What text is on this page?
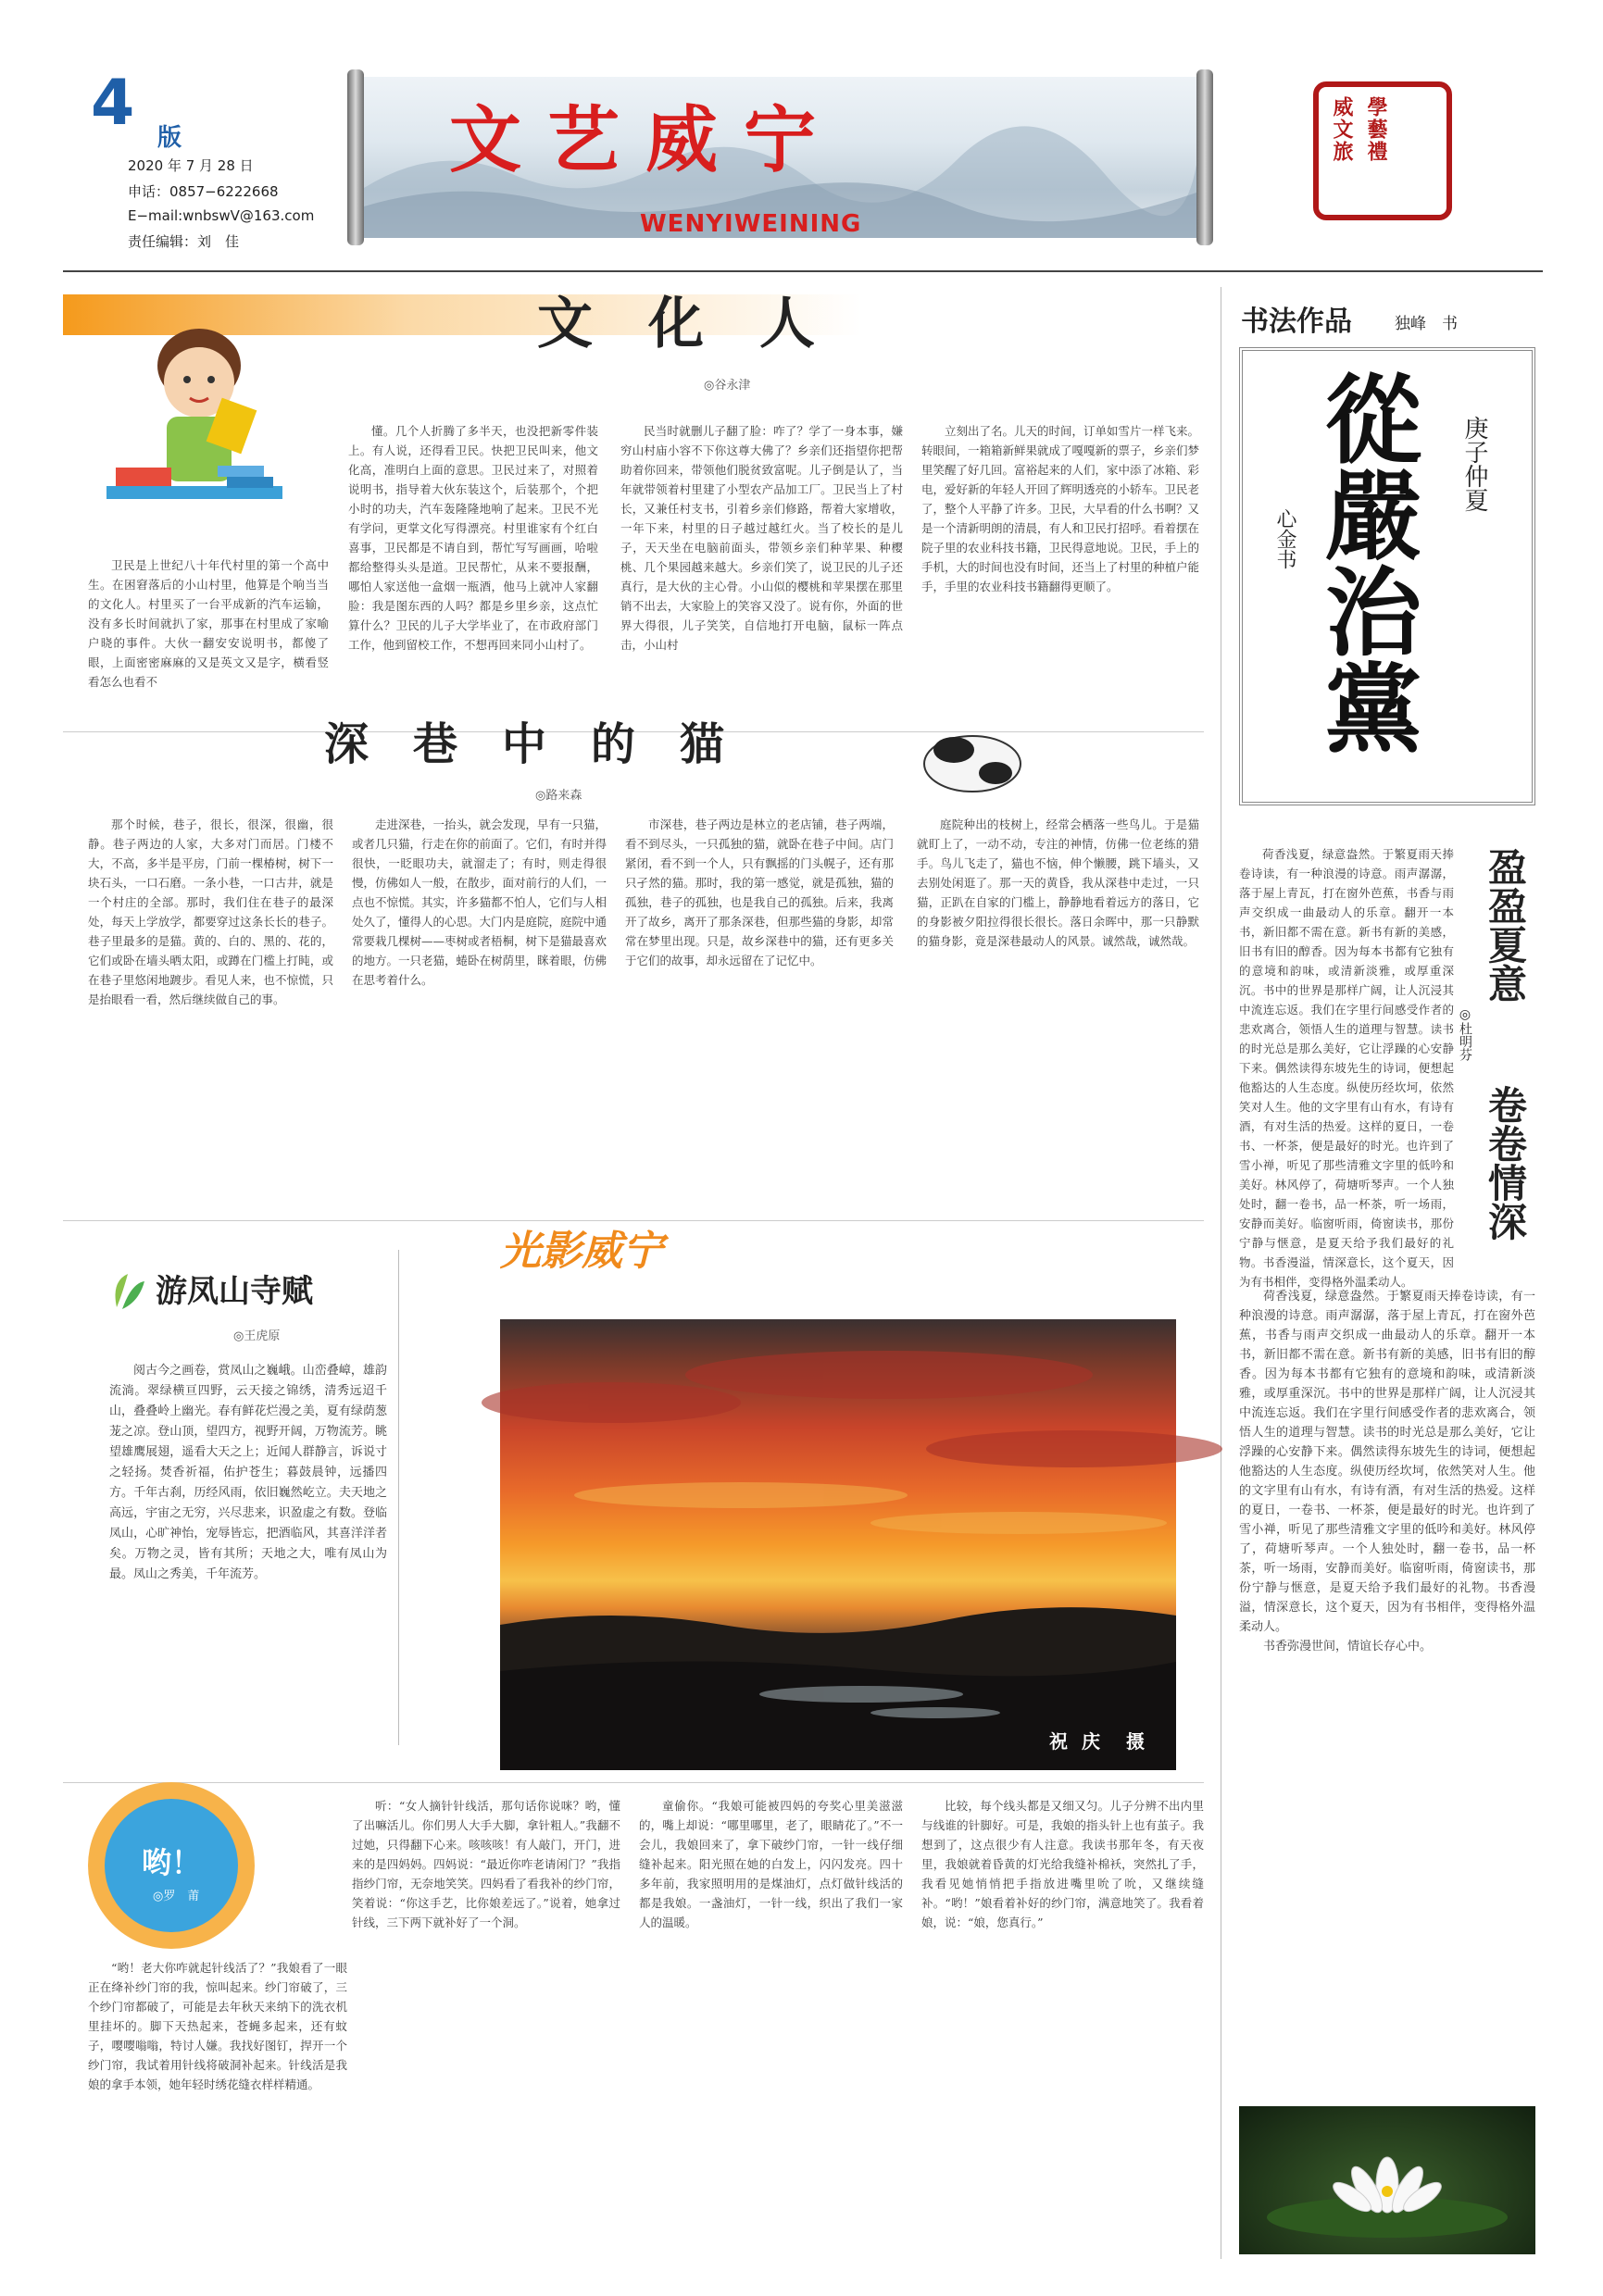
4 版
2020 年 7 月 28 日
申话：0857−6222668
E−mail:wnbswV@163.com
责任编辑：刘　佳
文艺威宁
WENYIWEINING
學藝禮
威文旅
文　化　人
◎谷永津

卫民是上世纪八十年代村里的第一个高中生。在困窘落后的小山村里，他算是个响当当的文化人。村里买了一台平成新的汽车运输，没有多长时间就扒了家，那事在村里成了家喻户晓的事件。大伙一翻安安说明书，都傻了眼，上面密密麻麻的又是英文又是字，横看竖看怎么也看不

懂。几个人折腾了多半天，也没把新零件装上。有人说，还得看卫民。快把卫民叫来，他文化高，准明白上面的意思。卫民过来了，对照着说明书，指导着大伙东装这个，后装那个，个把小时的功夫，汽车轰隆隆地响了起来。卫民不光有学问，更掌文化写得漂亮。村里谁家有个红白喜事，卫民都是不请自到，帮忙写写画画，哈啦都给整得头头是道。卫民帮忙，从来不要报酬，哪怕人家送他一盒烟一瓶酒，他马上就冲人家翻脸：我是图东西的人吗？都是乡里乡亲，这点忙算什么？卫民的儿子大学毕业了，在市政府部门工作，他到留校工作，不想再回来同小山村了。

民当时就删儿子翻了脸：咋了？学了一身本事，嫌穷山村庙小容不下你这尊大佛了？乡亲们还指望你把帮助着你回来，带领他们脱贫致富呢。儿子倒是认了，当年就带领着村里建了小型农产品加工厂。卫民当上了村长，又兼任村支书，引着乡亲们修路，帮着大家增收，一年下来，村里的日子越过越红火。当了校长的是儿子，天天坐在电脑前面头，带领乡亲们种苹果、种樱桃、几个果园越来越大。乡亲们笑了，说卫民的儿子还真行，是大伙的主心骨。小山似的樱桃和苹果摆在那里销不出去，大家脸上的笑容又没了。说有你，外面的世界大得很，儿子笑笑，自信地打开电脑，鼠标一阵点击，小山村

立刻出了名。儿天的时间，订单如雪片一样飞来。转眼间，一箱箱新鲜果就成了嘎嘎新的票子，乡亲们梦里笑醒了好几回。富裕起来的人们，家中添了冰箱、彩电，爱好新的年轻人开回了辉明透亮的小轿车。卫民老了，整个人平静了许多。卫民，大早看的什么书啊？又是一个清新明朗的清晨，有人和卫民打招呼。看着摆在院子里的农业科技书籍，卫民得意地说。卫民，手上的手机，大的时间也没有时间，还当上了村里的种植户能手，手里的农业科技书籍翻得更顺了。

深　巷　中　的　猫
◎路来森

那个时候，巷子，很长，很深，很幽，很静。巷子两边的人家，大多对门而居。门楼不大，不高，多半是平房，门前一棵椿树，树下一块石头，一口石磨。一条小巷，一口古井，就是一个村庄的全部。那时，我们住在巷子的最深处，每天上学放学，都要穿过这条长长的巷子。巷子里最多的是猫。黄的、白的、黑的、花的，它们或卧在墙头晒太阳，或蹲在门槛上打盹，或在巷子里悠闲地踱步。看见人来，也不惊慌，只是抬眼看一看，然后继续做自己的事。

走进深巷，一抬头，就会发现，早有一只猫，或者几只猫，行走在你的前面了。它们，有时并得很快，一眨眼功夫，就溜走了；有时，则走得很慢，仿佛如人一般，在散步，面对前行的人们，一点也不惊慌。其实，许多猫都不怕人，它们与人相处久了，懂得人的心思。大门内是庭院，庭院中通常要栽几棵树——枣树或者梧桐，树下是猫最喜欢的地方。一只老猫，蜷卧在树荫里，眯着眼，仿佛在思考着什么。

市深巷，巷子两边是林立的老店铺，巷子两端，看不到尽头，一只孤独的猫，就卧在巷子中间。店门紧闭，看不到一个人，只有飘摇的门头幌子，还有那只孑然的猫。那时，我的第一感觉，就是孤独，猫的孤独，巷子的孤独，也是我自己的孤独。后来，我离开了故乡，离开了那条深巷，但那些猫的身影，却常常在梦里出现。只是，故乡深巷中的猫，还有更多关于它们的故事，却永远留在了记忆中。

庭院种出的枝树上，经常会栖落一些鸟儿。于是猫就盯上了，一动不动，专注的神情，仿佛一位老练的猎手。鸟儿飞走了，猫也不恼，伸个懒腰，跳下墙头，又去别处闲逛了。那一天的黄昏，我从深巷中走过，一只猫，正趴在自家的门槛上，静静地看着远方的落日，它的身影被夕阳拉得很长很长。落日余晖中，那一只静默的猫身影，竟是深巷最动人的风景。诚然哉，诚然哉。

书法作品	独峰　书
從嚴治黨 庚子仲夏
心金书
盈盈夏意
◎杜明芬
卷卷情深

荷香浅夏，绿意盎然。于繁夏雨天捧卷诗读，有一种浪漫的诗意。雨声潺潺，落于屋上青瓦，打在窗外芭蕉，书香与雨声交织成一曲最动人的乐章。翻开一本书，新旧都不需在意。新书有新的美感，旧书有旧的醇香。因为每本书都有它独有的意境和韵味，或清新淡雅，或厚重深沉。书中的世界是那样广阔，让人沉浸其中流连忘返。我们在字里行间感受作者的悲欢离合，领悟人生的道理与智慧。读书的时光总是那么美好，它让浮躁的心安静下来。偶然读得东坡先生的诗词，便想起他豁达的人生态度。纵使历经坎坷，依然笑对人生。他的文字里有山有水，有诗有酒，有对生活的热爱。这样的夏日，一卷书、一杯茶，便是最好的时光。也许到了雪小禅，听见了那些清雅文字里的低吟和美好。林风停了，荷塘听琴声。一个人独处时，翻一卷书，品一杯茶，听一场雨，安静而美好。临窗听雨，倚窗读书，那份宁静与惬意，是夏天给予我们最好的礼物。书香漫溢，情深意长，这个夏天，因为有书相伴，变得格外温柔动人。

荷香浅夏，绿意盎然。于繁夏雨天捧卷诗读，有一种浪漫的诗意。雨声潺潺，落于屋上青瓦，打在窗外芭蕉，书香与雨声交织成一曲最动人的乐章。翻开一本书，新旧都不需在意。新书有新的美感，旧书有旧的醇香。因为每本书都有它独有的意境和韵味，或清新淡雅，或厚重深沉。书中的世界是那样广阔，让人沉浸其中流连忘返。我们在字里行间感受作者的悲欢离合，领悟人生的道理与智慧。读书的时光总是那么美好，它让浮躁的心安静下来。偶然读得东坡先生的诗词，便想起他豁达的人生态度。纵使历经坎坷，依然笑对人生。他的文字里有山有水，有诗有酒，有对生活的热爱。这样的夏日，一卷书、一杯茶，便是最好的时光。也许到了雪小禅，听见了那些清雅文字里的低吟和美好。林风停了，荷塘听琴声。一个人独处时，翻一卷书，品一杯茶，听一场雨，安静而美好。临窗听雨，倚窗读书，那份宁静与惬意，是夏天给予我们最好的礼物。书香漫溢，情深意长，这个夏天，因为有书相伴，变得格外温柔动人。

书香弥漫世间，情谊长存心中。

游凤山寺赋
◎王虎原

阅古今之画卷，赏凤山之巍峨。山峦叠嶂，雄韵流淌。翠绿横亘四野，云天接之锦绣，清秀远迢千山，叠叠岭上幽光。春有鲜花烂漫之美，夏有绿荫葱茏之凉。登山顶，望四方，视野开阔，万物流芳。眺望雄鹰展翅，遥看大天之上；近闻人群静言，诉说寸之轻扬。焚香祈福，佑护苍生；暮鼓晨钟，远播四方。千年古刹，历经风雨，依旧巍然屹立。夫天地之高远，宇宙之无穷，兴尽悲来，识盈虚之有数。登临凤山，心旷神怡，宠辱皆忘，把酒临风，其喜洋洋者矣。万物之灵，皆有其所；天地之大，唯有凤山为最。凤山之秀美，千年流芳。

光影威宁
祝 庆　摄
哟！
◎罗　莆

“哟！老大你咋就起针线活了？”我娘看了一眼正在绛补纱门帘的我，惊叫起来。纱门帘破了，三个纱门帘都破了，可能是去年秋天来纳下的洗衣机里挂坏的。脚下天热起来，苍蝇多起来，还有蚊子，嘤嘤嗡嗡，特讨人嫌。我找好图钉，捍开一个纱门帘，我试着用针线将破洞补起来。针线活是我娘的拿手本领，她年轻时绣花缝衣样样精通。

听：“女人摘针针线活，那句话你说咪？哟，懂了出嘛活儿。你们男人大手大脚，拿针粗人。”我翻不过她，只得翻下心来。咳咳咳！有人敲门，开门，进来的是四妈妈。四妈说：“最近你咋老请闲门？”我指指纱门帘，无奈地笑笑。四妈看了看我补的纱门帘，笑着说：“你这手艺，比你娘差远了。”说着，她拿过针线，三下两下就补好了一个洞。

童偷你。“我娘可能被四妈的夸奖心里美滋滋的，嘴上却说：“哪里哪里，老了，眼睛花了。”不一会儿，我娘回来了，拿下破纱门帘，一针一线仔细缝补起来。阳光照在她的白发上，闪闪发亮。四十多年前，我家照明用的是煤油灯，点灯做针线活的都是我娘。一盏油灯，一针一线，织出了我们一家人的温暖。

比较，每个线头都是又细又匀。儿子分辨不出内里与线谁的针脚好。可是，我娘的指头针上也有茧子。我想到了，这点很少有人注意。我读书那年冬，有天夜里，我娘就着昏黄的灯光给我缝补棉袄，突然扎了手，我看见她悄悄把手指放进嘴里吮了吮，又继续缝补。“哟！”娘看着补好的纱门帘，满意地笑了。我看着娘，说：“娘，您真行。”
